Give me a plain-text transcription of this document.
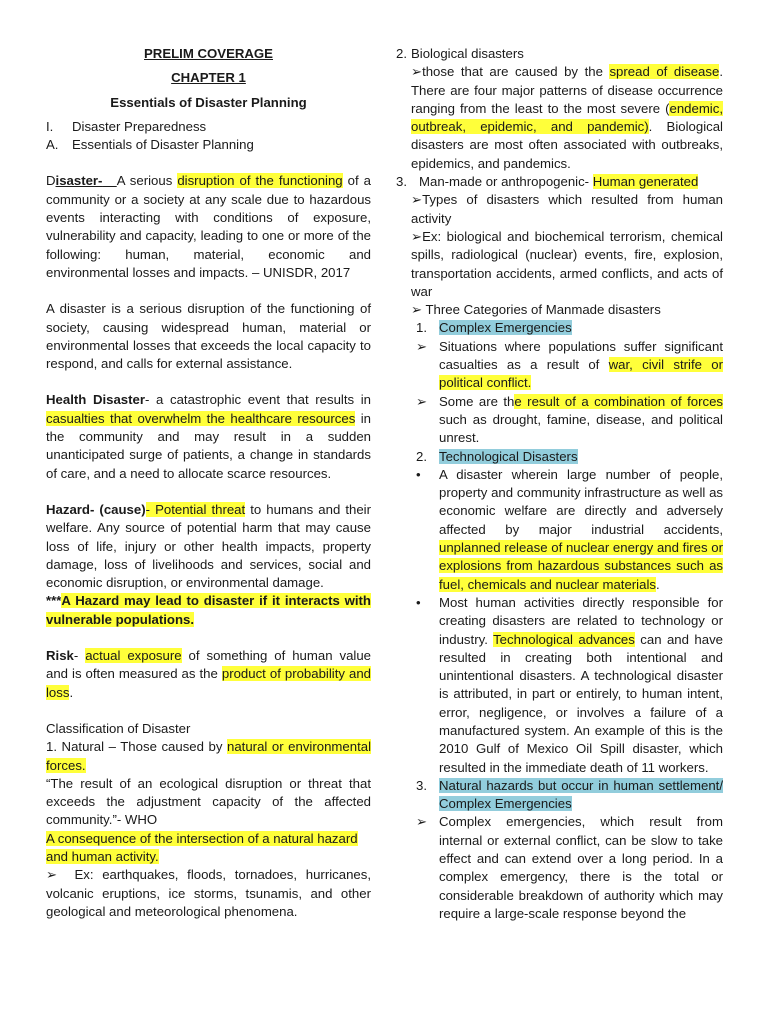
PRELIM COVERAGE

CHAPTER 1

Essentials of Disaster Planning

I.	Disaster Preparedness
A.	Essentials of Disaster Planning

Disaster- A serious disruption of the functioning of a community or a society at any scale due to hazardous events interacting with conditions of exposure, vulnerability and capacity, leading to one or more of the following: human, material, economic and environmental losses and impacts. – UNISDR, 2017

A disaster is a serious disruption of the functioning of society, causing widespread human, material or environmental losses that exceeds the local capacity to respond, and calls for external assistance.

Health Disaster- a catastrophic event that results in casualties that overwhelm the healthcare resources in the community and may result in a sudden unanticipated surge of patients, a change in standards of care, and a need to allocate scarce resources.

Hazard- (cause)- Potential threat to humans and their welfare. Any source of potential harm that may cause loss of life, injury or other health impacts, property damage, loss of livelihoods and services, social and economic disruption, or environmental damage.

***A Hazard may lead to disaster if it interacts with vulnerable populations.

Risk- actual exposure of something of human value and is often measured as the product of probability and loss.

Classification of Disaster

1. Natural – Those caused by natural or environmental forces.

“The result of an ecological disruption or threat that exceeds the adjustment capacity of the affected community.”- WHO

A consequence of the intersection of a natural hazard and human activity.

➢  Ex: earthquakes, floods, tornadoes, hurricanes, volcanic eruptions, ice storms, tsunamis, and other geological and meteorological phenomena.

2. Biological disasters

➢those that are caused by the spread of disease. There are four major patterns of disease occurrence ranging from the least to the most severe (endemic, outbreak, epidemic, and pandemic). Biological disasters are most often associated with outbreaks, epidemics, and pandemics.

3. Man-made or anthropogenic- Human generated

➢Types of disasters which resulted from human activity

➢Ex: biological and biochemical terrorism, chemical spills, radiological (nuclear) events, fire, explosion, transportation accidents, armed conflicts, and acts of war

➢ Three Categories of Manmade disasters

1. Complex Emergencies
➢ Situations where populations suffer significant casualties as a result of war, civil strife or political conflict.

➢ Some are the result of a combination of forces such as drought, famine, disease, and political unrest.

2. Technological Disasters
•	A disaster wherein large number of people, property and community infrastructure as well as economic welfare are directly and adversely affected by major industrial accidents, unplanned release of nuclear energy and fires or explosions from hazardous substances such as fuel, chemicals and nuclear materials.

•	Most human activities directly responsible for creating disasters are related to technology or industry. Technological advances can and have resulted in creating both intentional and unintentional disasters. A technological disaster is attributed, in part or entirely, to human intent, error, negligence, or involves a failure of a manufactured system. An example of this is the 2010 Gulf of Mexico Oil Spill disaster, which resulted in the immediate death of 11 workers.

3. Natural hazards but occur in human settlement/ Complex Emergencies

➢ Complex emergencies, which result from internal or external conflict, can be slow to take effect and can extend over a long period. In a complex emergency, there is the total or considerable breakdown of authority which may require a large-scale response beyond the
